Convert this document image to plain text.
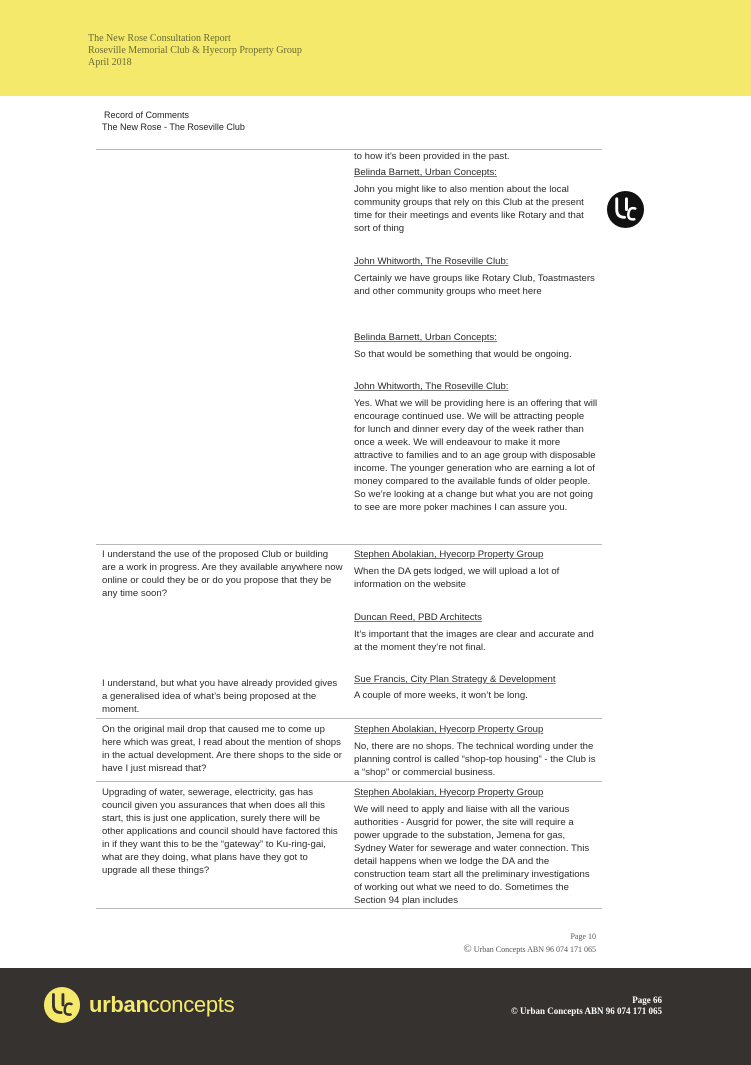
The New Rose Consultation Report
Roseville Memorial Club & Hyecorp Property Group
April 2018
Record of Comments
The New Rose - The Roseville Club
to how it’s been provided in the past.
Belinda Barnett, Urban Concepts:
John you might like to also mention about the local community groups that rely on this Club at the present time for their meetings and events like Rotary and that sort of thing
John Whitworth, The Roseville Club:
Certainly we have groups like Rotary Club, Toastmasters and other community groups who meet here
Belinda Barnett, Urban Concepts:
So that would be something that would be ongoing.
John Whitworth, The Roseville Club:
Yes. What we will be providing here is an offering that will encourage continued use. We will be attracting people for lunch and dinner every day of the week rather than once a week. We will endeavour to make it more attractive to families and to an age group with disposable income. The younger generation who are earning a lot of money compared to the available funds of older people. So we’re looking at a change but what you are not going to see are more poker machines I can assure you.
I understand the use of the proposed Club or building are a work in progress. Are they available anywhere now online or could they be or do you propose that they be any time soon?
Stephen Abolakian, Hyecorp Property Group
When the DA gets lodged, we will upload a lot of information on the website
Duncan Reed, PBD Architects
It’s important that the images are clear and accurate and at the moment they’re not final.
I understand, but what you have already provided gives a generalised idea of what’s being proposed at the moment.
Sue Francis, City Plan Strategy & Development
A couple of more weeks, it won’t be long.
On the original mail drop that caused me to come up here which was great, I read about the mention of shops in the actual development. Are there shops to the side or have I just misread that?
Stephen Abolakian, Hyecorp Property Group
No, there are no shops. The technical wording under the planning control is called “shop-top housing” - the Club is a “shop” or commercial business.
Upgrading of water, sewerage, electricity, gas has council given you assurances that when does all this start, this is just one application, surely there will be other applications and council should have factored this in if they want this to be the “gateway” to Ku-ring-gai, what are they doing, what plans have they got to upgrade all these things?
Stephen Abolakian, Hyecorp Property Group
We will need to apply and liaise with all the various authorities - Ausgrid for power, the site will require a power upgrade to the substation, Jemena for gas, Sydney Water for sewerage and water connection. This detail happens when we lodge the DA and the construction team start all the preliminary investigations of working out what we need to do. Sometimes the Section 94 plan includes
Page 10
© Urban Concepts ABN 96 074 171 065
urbanconcepts	Page 66
© Urban Concepts ABN 96 074 171 065
